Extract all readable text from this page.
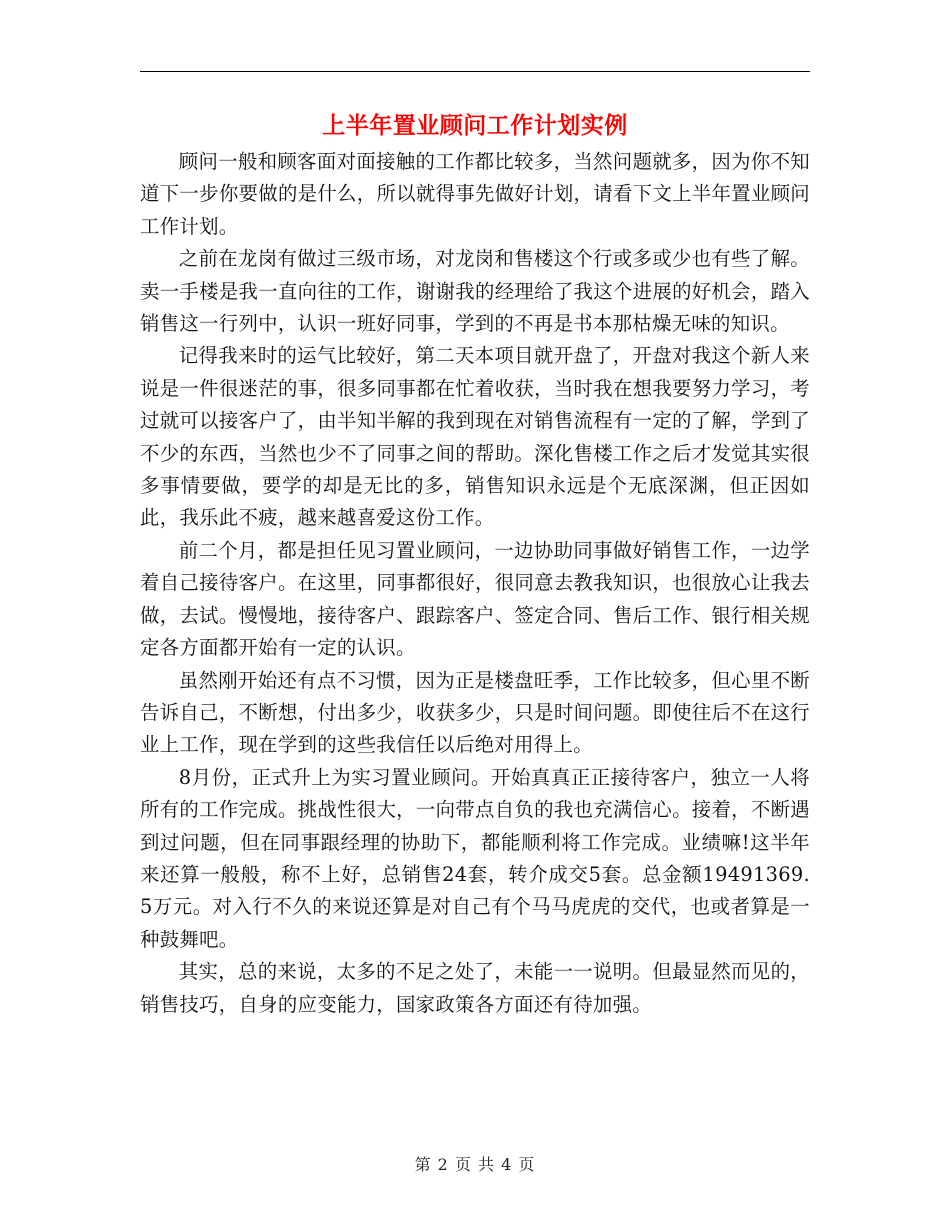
上半年置业顾问工作计划实例

顾问一般和顾客面对面接触的工作都比较多，当然问题就多，因为你不知道下一步你要做的是什么，所以就得事先做好计划，请看下文上半年置业顾问工作计划。

之前在龙岗有做过三级市场，对龙岗和售楼这个行或多或少也有些了解。卖一手楼是我一直向往的工作，谢谢我的经理给了我这个进展的好机会，踏入销售这一行列中，认识一班好同事，学到的不再是书本那枯燥无味的知识。

记得我来时的运气比较好，第二天本项目就开盘了，开盘对我这个新人来说是一件很迷茫的事，很多同事都在忙着收获，当时我在想我要努力学习，考过就可以接客户了，由半知半解的我到现在对销售流程有一定的了解，学到了不少的东西，当然也少不了同事之间的帮助。深化售楼工作之后才发觉其实很多事情要做，要学的却是无比的多，销售知识永远是个无底深渊，但正因如此，我乐此不疲，越来越喜爱这份工作。

前二个月，都是担任见习置业顾问，一边协助同事做好销售工作，一边学着自己接待客户。在这里，同事都很好，很同意去教我知识，也很放心让我去做，去试。慢慢地，接待客户、跟踪客户、签定合同、售后工作、银行相关规定各方面都开始有一定的认识。

虽然刚开始还有点不习惯，因为正是楼盘旺季，工作比较多，但心里不断告诉自己，不断想，付出多少，收获多少，只是时间问题。即使往后不在这行业上工作，现在学到的这些我信任以后绝对用得上。

8月份，正式升上为实习置业顾问。开始真真正正接待客户，独立一人将所有的工作完成。挑战性很大，一向带点自负的我也充满信心。接着，不断遇到过问题，但在同事跟经理的协助下，都能顺利将工作完成。业绩嘛!这半年来还算一般般，称不上好，总销售24套，转介成交5套。总金额19491369.5万元。对入行不久的来说还算是对自己有个马马虎虎的交代，也或者算是一种鼓舞吧。

其实，总的来说，太多的不足之处了，未能一一说明。但最显然而见的，销售技巧，自身的应变能力，国家政策各方面还有待加强。

第 2 页 共 4 页
